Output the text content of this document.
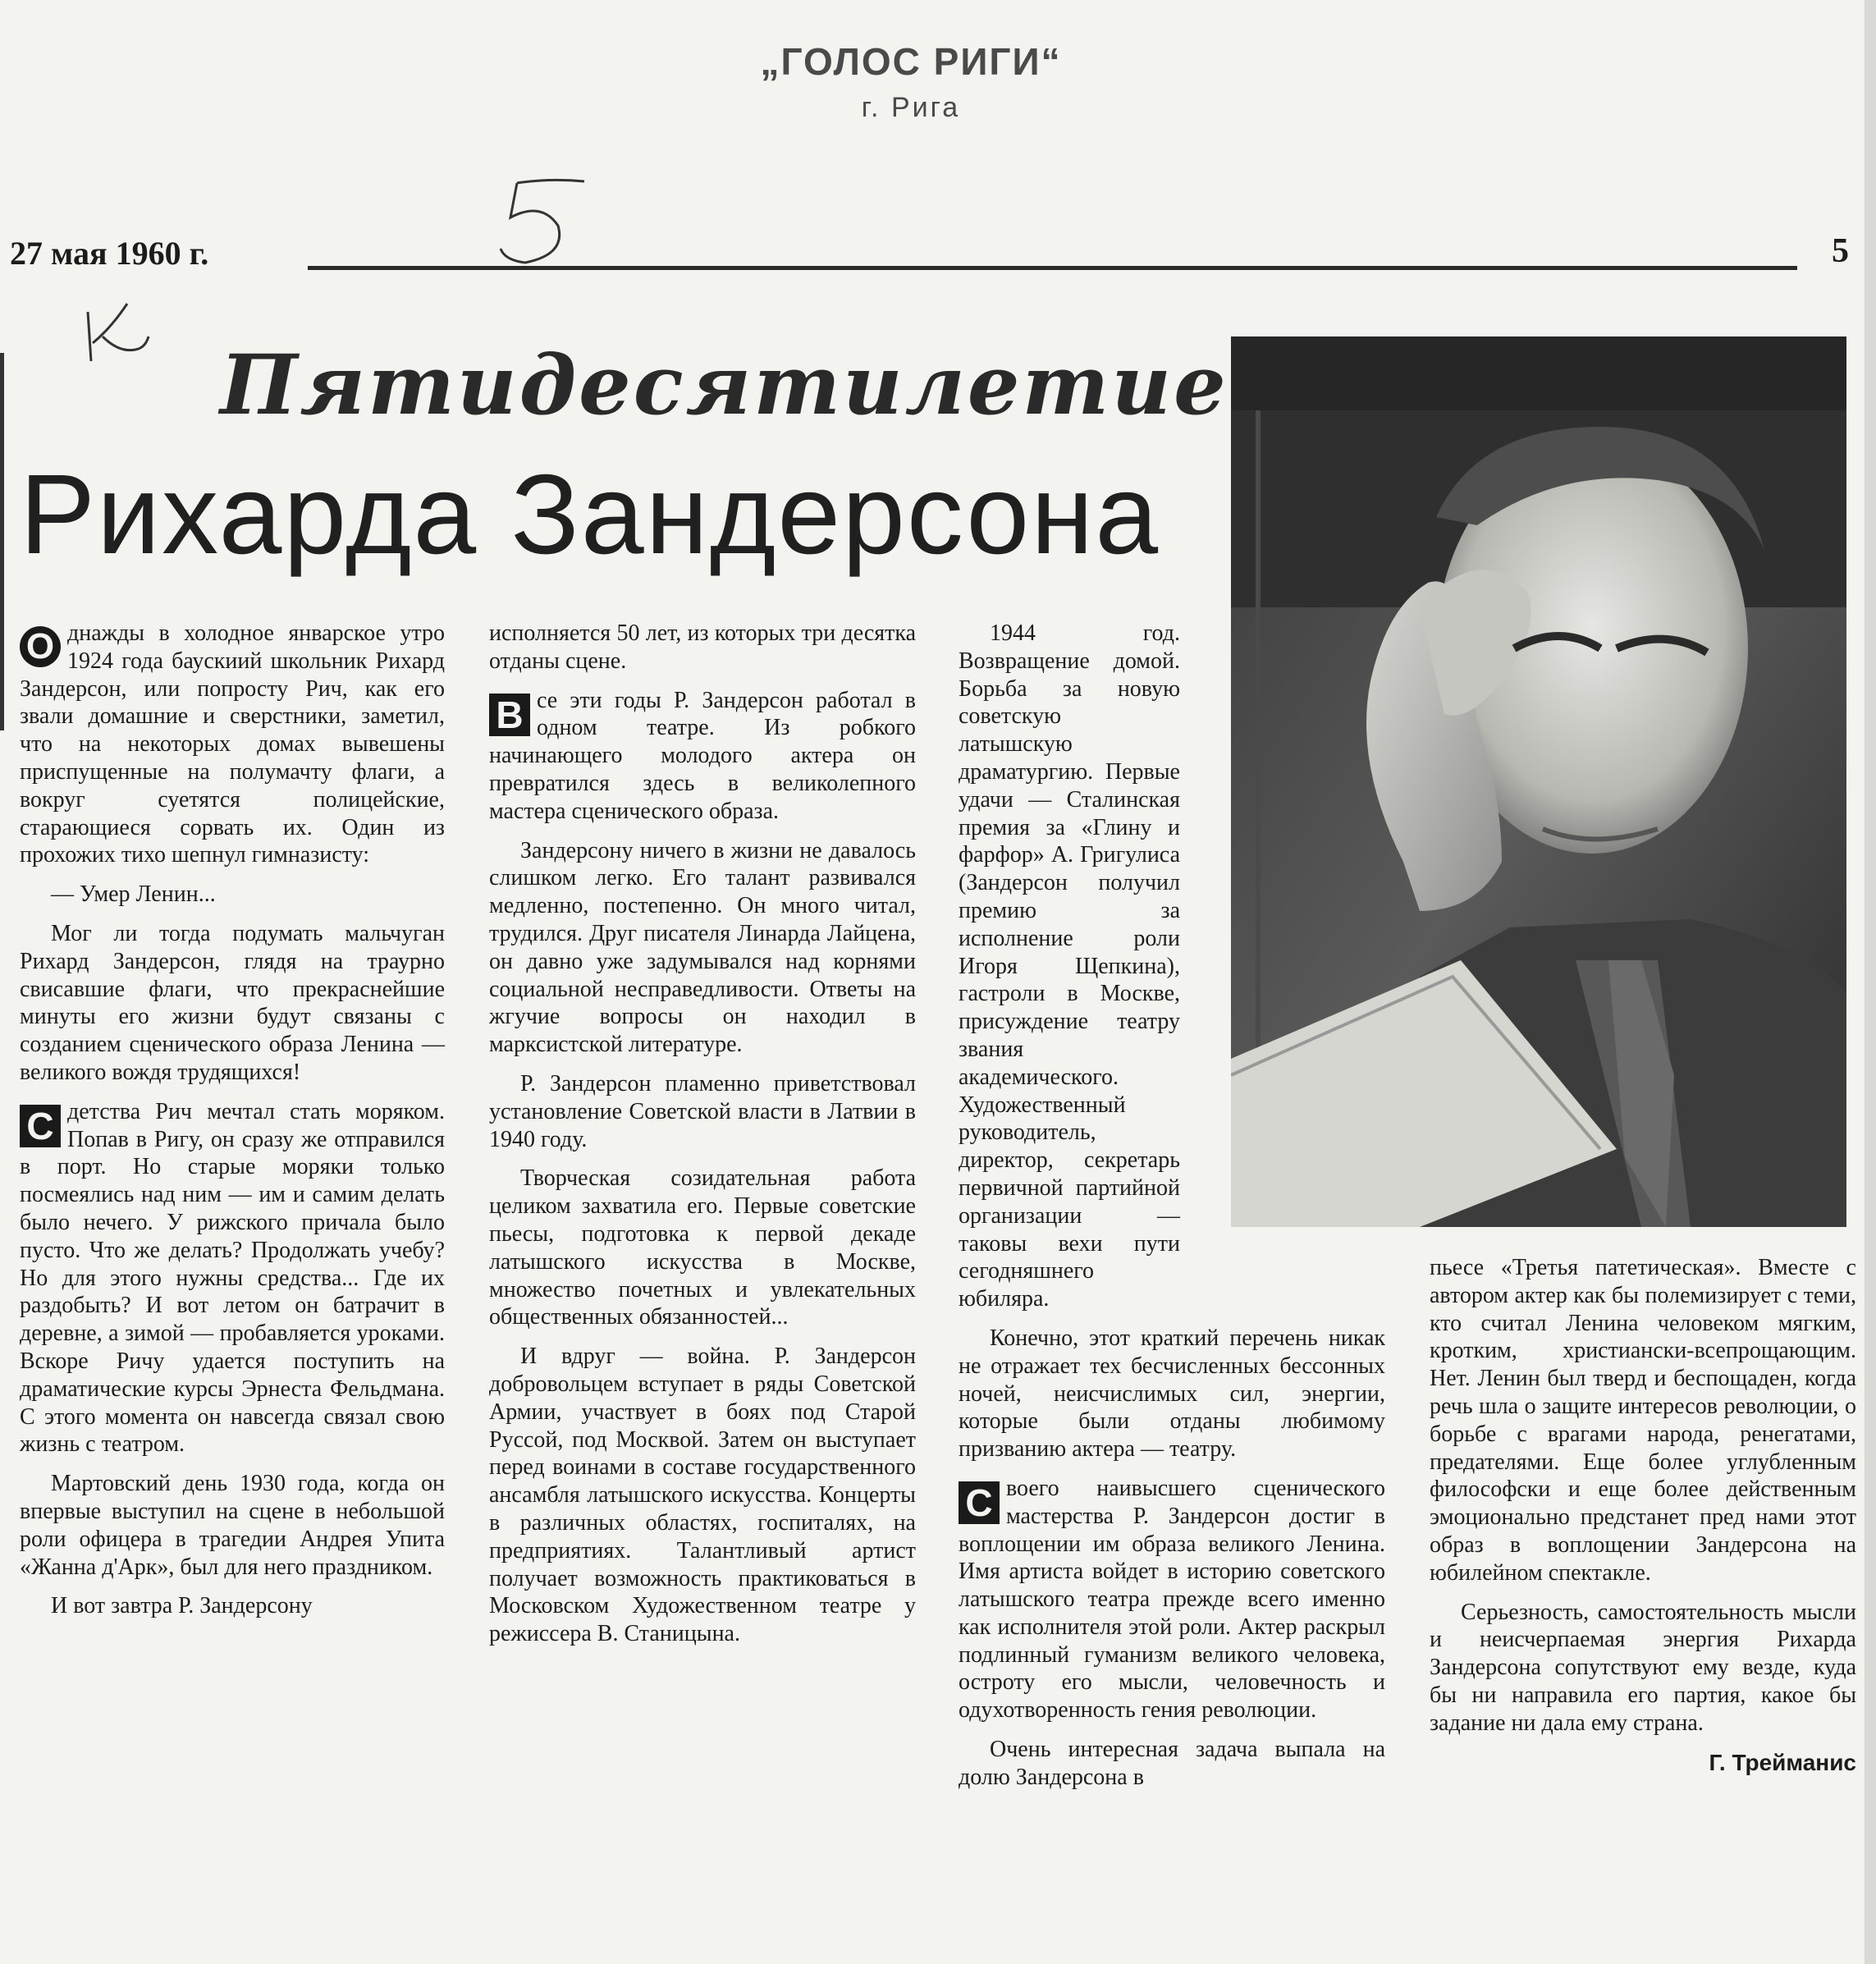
„ГОЛОС РИГИ“
г. Рига
27 мая 1960 г.	5
Пятидесятилетие
Рихарда Зандерсона

О днажды в холодное январское утро 1924 года баускиий школьник Рихард Зандерсон, или попросту Рич, как его звали домашние и сверстники, заметил, что на некоторых домах вывешены приспущенные на полумачту флаги, а вокруг суетятся полицейские, старающиеся сорвать их. Один из прохожих тихо шепнул гимназисту:

— Умер Ленин...

Мог ли тогда подумать мальчуган Рихард Зандерсон, глядя на траурно свисавшие флаги, что прекраснейшие минуты его жизни будут связаны с созданием сценического образа Ленина — великого вождя трудящихся!

С детства Рич мечтал стать моряком. Попав в Ригу, он сразу же отправился в порт. Но старые моряки только посмеялись над ним — им и самим делать было нечего. У рижского причала было пусто. Что же делать? Продолжать учебу? Но для этого нужны средства... Где их раздобыть? И вот летом он батрачит в деревне, а зимой — пробавляется уроками. Вскоре Ричу удается поступить на драматические курсы Эрнеста Фельдмана. С этого момента он навсегда связал свою жизнь с театром.

Мартовский день 1930 года, когда он впервые выступил на сцене в небольшой роли офицера в трагедии Андрея Упита «Жанна д'Арк», был для него праздником.

И вот завтра Р. Зандерсону

исполняется 50 лет, из которых три десятка отданы сцене.

В се эти годы Р. Зандерсон работал в одном театре. Из робкого начинающего молодого актера он превратился здесь в великолепного мастера сценического образа.

Зандерсону ничего в жизни не давалось слишком легко. Его талант развивался медленно, постепенно. Он много читал, трудился. Друг писателя Линарда Лайцена, он давно уже задумывался над корнями социальной несправедливости. Ответы на жгучие вопросы он находил в марксистской литературе.

Р. Зандерсон пламенно приветствовал установление Советской власти в Латвии в 1940 году.

Творческая созидательная работа целиком захватила его. Первые советские пьесы, подготовка к первой декаде латышского искусства в Москве, множество почетных и увлекательных общественных обязанностей...

И вдруг — война. Р. Зандерсон добровольцем вступает в ряды Советской Армии, участвует в боях под Старой Руссой, под Москвой. Затем он выступает перед воинами в составе государственного ансамбля латышского искусства. Концерты в различных областях, госпиталях, на предприятиях. Талантливый артист получает возможность практиковаться в Московском Художественном театре у режиссера В. Станицына.

1944 год. Возвращение домой. Борьба за новую советскую латышскую драматургию. Первые удачи — Сталинская премия за «Глину и фарфор» А. Григулиса (Зандерсон получил премию за исполнение роли Игоря Щепкина), гастроли в Москве, присуждение театру звания академического. Художественный руководитель, директор, секретарь первичной партийной организации — таковы вехи пути сегодняшнего юбиляра.

Конечно, этот краткий перечень никак не отражает тех бесчисленных бессонных ночей, неисчислимых сил, энергии, которые были отданы любимому призванию актера — театру.

С воего наивысшего сценического мастерства Р. Зандерсон достиг в воплощении им образа великого Ленина. Имя артиста войдет в историю советского латышского театра прежде всего именно как исполнителя этой роли. Актер раскрыл подлинный гуманизм великого человека, остроту его мысли, человечность и одухотворенность гения революции.

Очень интересная задача выпала на долю Зандерсона в

пьесе «Третья патетическая». Вместе с автором актер как бы полемизирует с теми, кто считал Ленина человеком мягким, кротким, христиански-всепрощающим. Нет. Ленин был тверд и беспощаден, когда речь шла о защите интересов революции, о борьбе с врагами народа, ренегатами, предателями. Еще более углубленным философски и еще более действенным эмоционально предстанет пред нами этот образ в воплощении Зандерсона на юбилейном спектакле.

Серьезность, самостоятельность мысли и неисчерпаемая энергия Рихарда Зандерсона сопутствуют ему везде, куда бы ни направила его партия, какое бы задание ни дала ему страна.

Г. Трейманис
